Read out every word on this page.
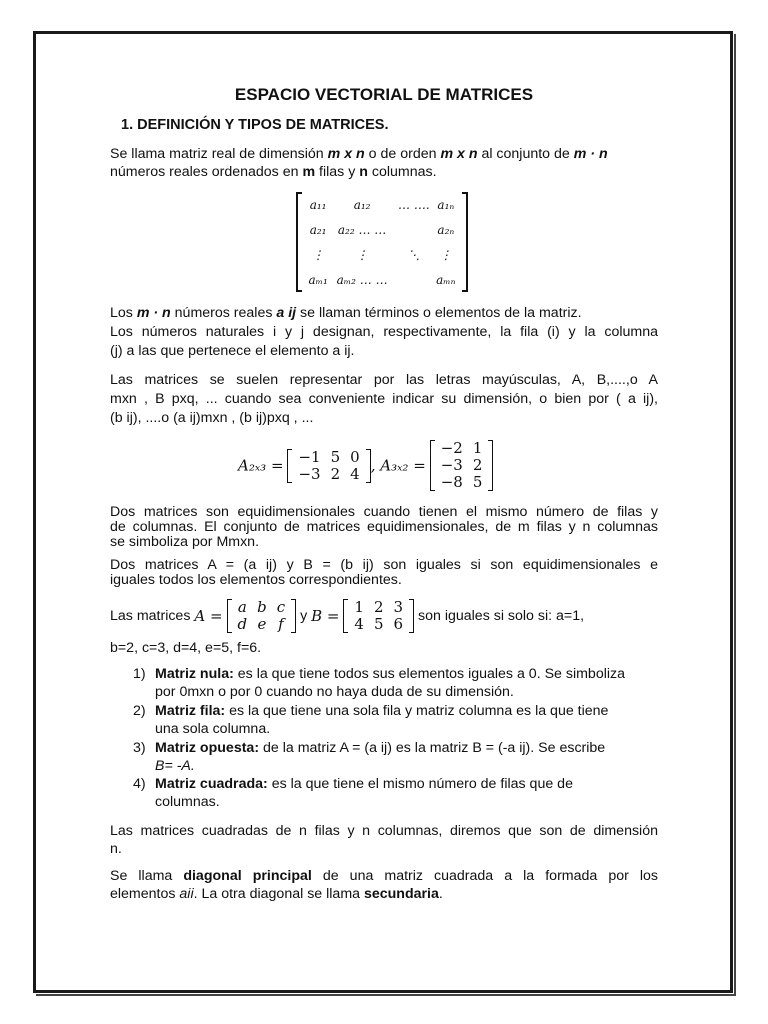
ESPACIO VECTORIAL DE MATRICES
1. DEFINICIÓN Y TIPOS DE MATRICES.
Se llama matriz real de dimensión m x n o de orden m x n al conjunto de m · n
números reales ordenados en m filas y n columnas.
a₁₁	a₁₂	… ….	a₁ₙ
a₂₁	a₂₂ … …		a₂ₙ
⋮	⋮	⋱	⋮
aₘ₁	aₘ₂ … …		aₘₙ
Los m · n números reales a ij se llaman términos o elementos de la matriz.
Los números naturales i y j designan, respectivamente, la fila (i) y la columna
(j) a las que pertenece el elemento a ij.
Las matrices se suelen representar por las letras mayúsculas, A, B,....,o A
mxn , B pxq, ... cuando sea conveniente indicar su dimensión, o bien por ( a ij),
(b ij), ....o (a ij)mxn , (b ij)pxq , ...
A₂ₓ₃ = −1	5	0
−3	2	4 , A₃ₓ₂ =
−2	1
−3	2
−8	5
Dos matrices son equidimensionales cuando tienen el mismo número de filas y
de columnas. El conjunto de matrices equidimensionales, de m filas y n columnas
se simboliza por Mmxn.
Dos matrices A = (a ij) y B = (b ij) son iguales si son equidimensionales e
iguales todos los elementos correspondientes.
Las matrices A = a	b	c
d	e	f y B = 1	2	3
4	5	6 son iguales si solo si: a=1,
b=2, c=3, d=4, e=5, f=6.
1) Matriz nula: es la que tiene todos sus elementos iguales a 0. Se simboliza
por 0mxn o por 0 cuando no haya duda de su dimensión.
2) Matriz fila: es la que tiene una sola fila y matriz columna es la que tiene
una sola columna.
3) Matriz opuesta: de la matriz A = (a ij) es la matriz B = (-a ij). Se escribe
B= -A.
4) Matriz cuadrada: es la que tiene el mismo número de filas que de
columnas.
Las matrices cuadradas de n filas y n columnas, diremos que son de dimensión
n.
Se llama diagonal principal de una matriz cuadrada a la formada por los
elementos aii. La otra diagonal se llama secundaria.
